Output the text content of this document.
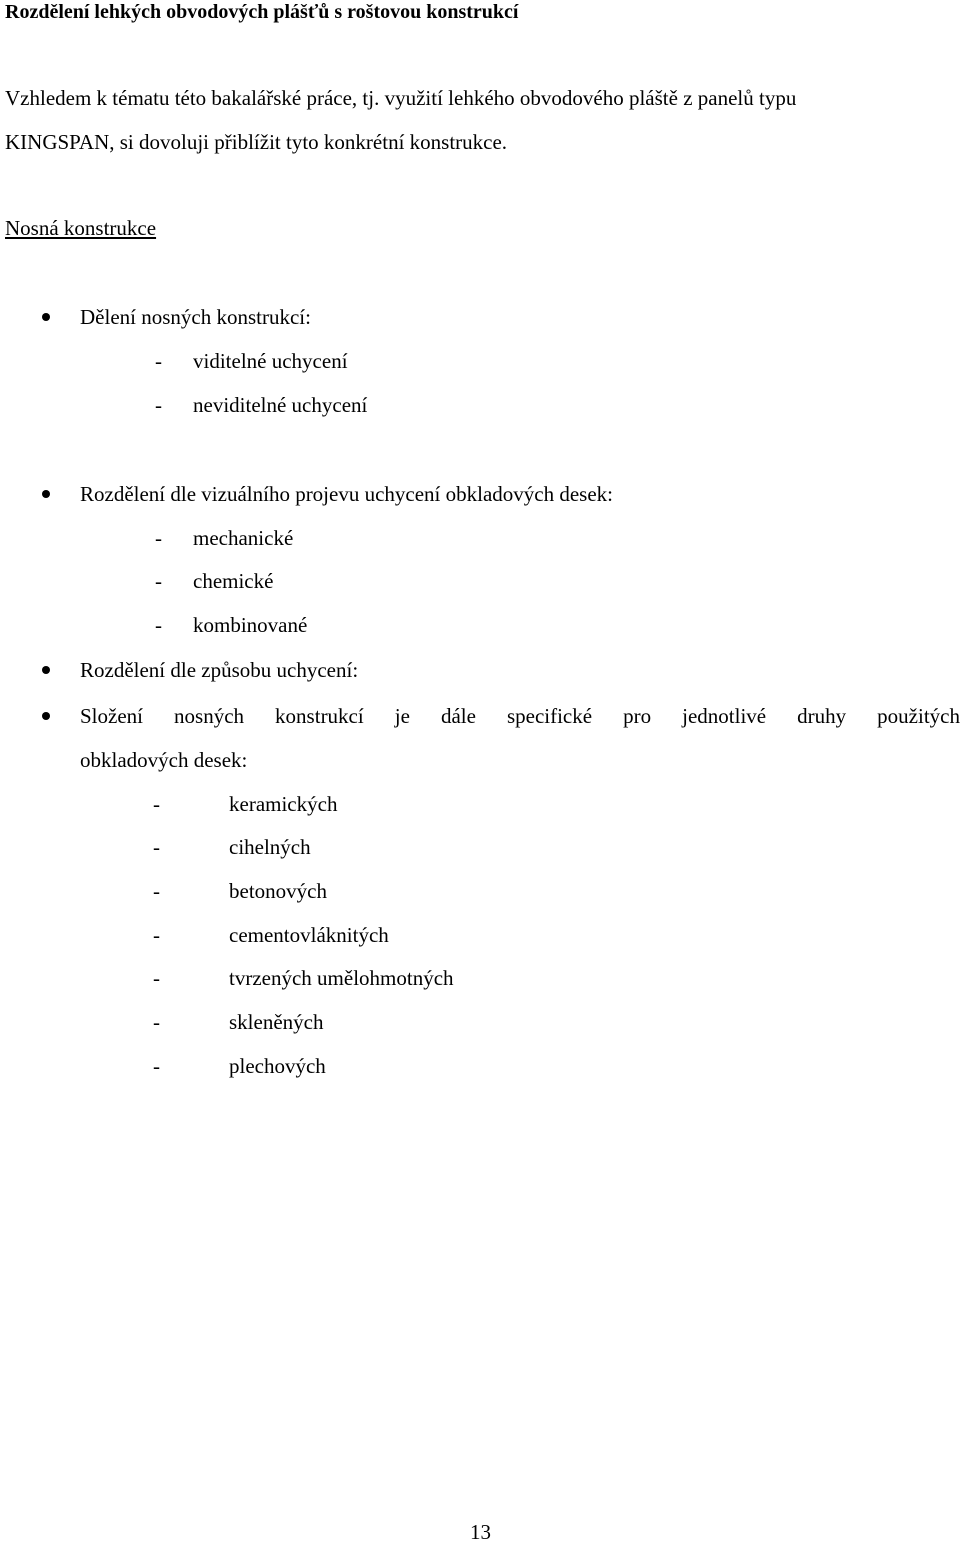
Rozdělení lehkých obvodových plášťů s roštovou konstrukcí
Vzhledem k tématu této bakalářské práce, tj. využití lehkého obvodového pláště z panelů typu
KINGSPAN, si dovoluji přiblížit tyto konkrétní konstrukce.
Nosná konstrukce
Dělení nosných konstrukcí:
- viditelné uchycení
- neviditelné uchycení
Rozdělení dle vizuálního projevu uchycení obkladových desek:
- mechanické
- chemické
- kombinované
Rozdělení dle způsobu uchycení:
Složení nosných konstrukcí je dále specifické pro jednotlivé druhy použitých
obkladových desek:
-	keramických
-	cihelných
-	betonových
-	cementovláknitých
-	tvrzených umělohmotných
-	skleněných
-	plechových
13
